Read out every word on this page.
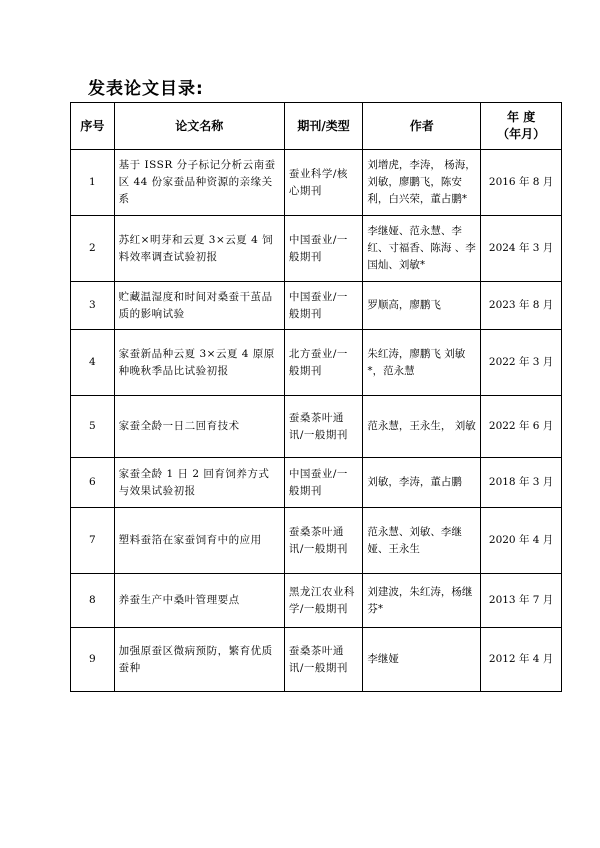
发表论文目录:
序号	论文名称	期刊/类型	作者	年 度
（年月）

1	基于 ISSR 分子标记分析云南蚕区 44 份家蚕品种资源的亲缘关系	蚕业科学/核心期刊	刘增虎，李涛， 杨海，刘敏，廖鹏飞，陈安利，白兴荣，董占鹏*	2016 年 8 月
2	苏红×明芽和云夏 3×云夏 4 饲料效率调查试验初报	中国蚕业/一般期刊	李继娅、范永慧、李红、寸福香、陈海 、李国灿、刘敏*	2024 年 3 月
3	贮藏温湿度和时间对桑蚕干茧品质的影响试验	中国蚕业/一般期刊	罗顺高，廖鹏飞	2023 年 8 月
4	家蚕新品种云夏 3×云夏 4 原原种晚秋季品比试验初报	北方蚕业/一般期刊	朱红涛，廖鹏飞 刘敏*，范永慧	2022 年 3 月
5	家蚕全龄一日二回育技术	蚕桑茶叶通讯/一般期刊	范永慧，王永生， 刘敏	2022 年 6 月
6	家蚕全龄 1 日 2 回育饲养方式与效果试验初报	中国蚕业/一般期刊	刘敏，李涛，董占鹏	2018 年 3 月
7	塑料蚕箔在家蚕饲育中的应用	蚕桑茶叶通讯/一般期刊	范永慧、刘敏、李继娅、王永生	2020 年 4 月
8	养蚕生产中桑叶管理要点	黑龙江农业科学/一般期刊	刘建波，朱红涛，杨继芬*	2013 年 7 月
9	加强原蚕区微病预防，繁育优质蚕种	蚕桑茶叶通讯/一般期刊	李继娅	2012 年 4 月
